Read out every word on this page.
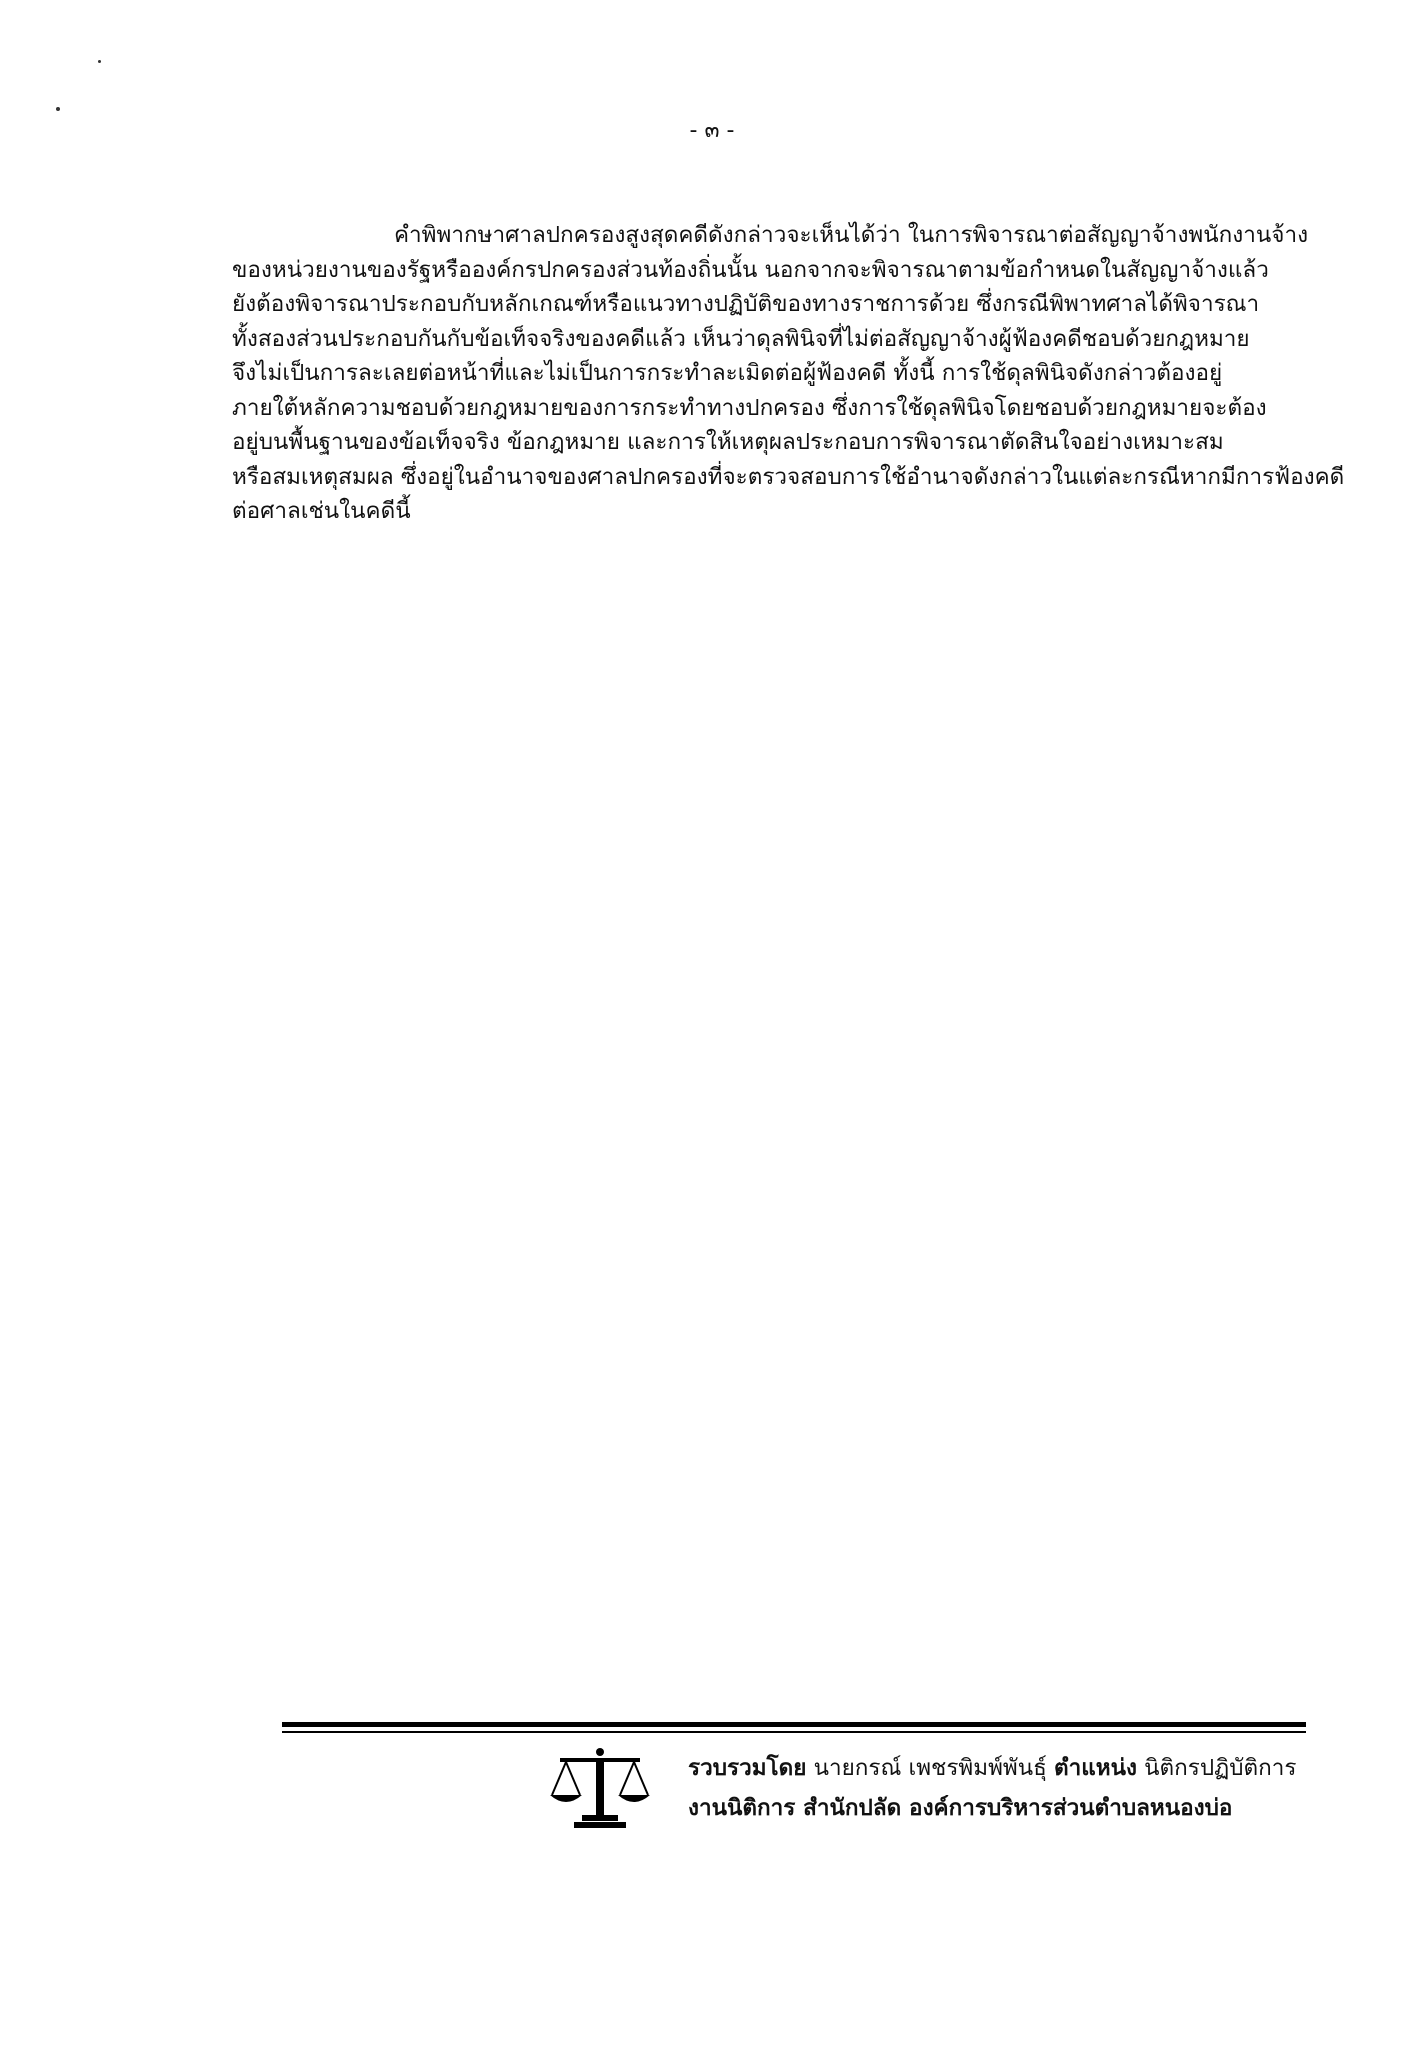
- ๓ -
คำพิพากษาศาลปกครองสูงสุดคดีดังกล่าวจะเห็นได้ว่า ในการพิจารณาต่อสัญญาจ้างพนักงานจ้าง
ของหน่วยงานของรัฐหรือองค์กรปกครองส่วนท้องถิ่นนั้น นอกจากจะพิจารณาตามข้อกำหนดในสัญญาจ้างแล้ว
ยังต้องพิจารณาประกอบกับหลักเกณฑ์หรือแนวทางปฏิบัติของทางราชการด้วย ซึ่งกรณีพิพาทศาลได้พิจารณา
ทั้งสองส่วนประกอบกันกับข้อเท็จจริงของคดีแล้ว เห็นว่าดุลพินิจที่ไม่ต่อสัญญาจ้างผู้ฟ้องคดีชอบด้วยกฎหมาย
จึงไม่เป็นการละเลยต่อหน้าที่และไม่เป็นการกระทำละเมิดต่อผู้ฟ้องคดี ทั้งนี้ การใช้ดุลพินิจดังกล่าวต้องอยู่
ภายใต้หลักความชอบด้วยกฎหมายของการกระทำทางปกครอง ซึ่งการใช้ดุลพินิจโดยชอบด้วยกฎหมายจะต้อง
อยู่บนพื้นฐานของข้อเท็จจริง ข้อกฎหมาย และการให้เหตุผลประกอบการพิจารณาตัดสินใจอย่างเหมาะสม
หรือสมเหตุสมผล ซึ่งอยู่ในอำนาจของศาลปกครองที่จะตรวจสอบการใช้อำนาจดังกล่าวในแต่ละกรณีหากมีการฟ้องคดี
ต่อศาลเช่นในคดีนี้
รวบรวมโดย นายกรณ์ เพชรพิมพ์พันธุ์ ตำแหน่ง นิติกรปฏิบัติการ
งานนิติการ สำนักปลัด องค์การบริหารส่วนตำบลหนองบ่อ
